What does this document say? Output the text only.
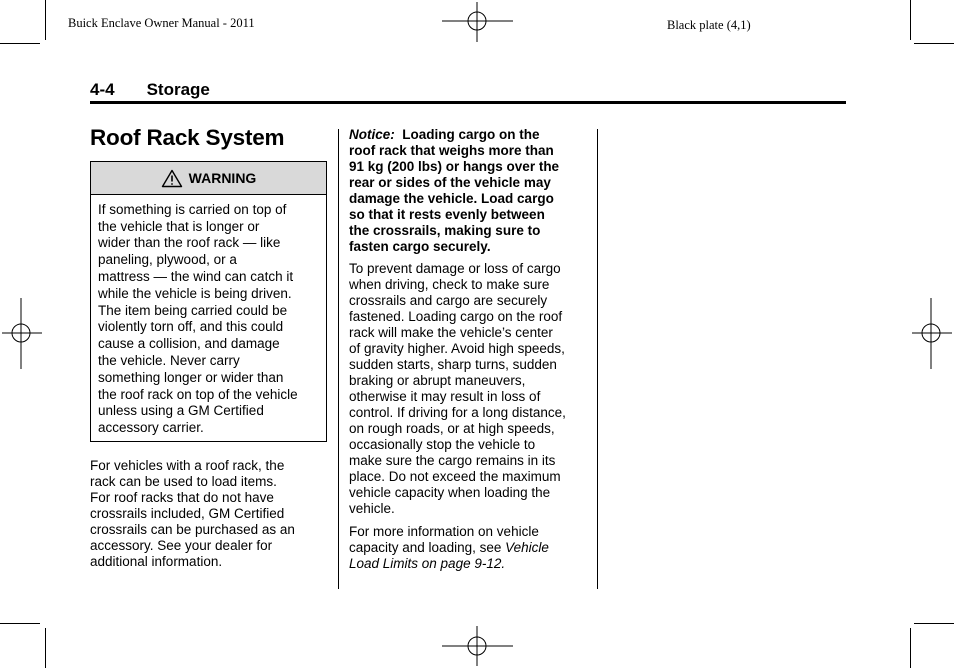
Buick Enclave Owner Manual - 2011	Black plate (4,1)
4-4 Storage
Roof Rack System
WARNING
If something is carried on top of
the vehicle that is longer or
wider than the roof rack — like
paneling, plywood, or a
mattress — the wind can catch it
while the vehicle is being driven.
The item being carried could be
violently torn off, and this could
cause a collision, and damage
the vehicle. Never carry
something longer or wider than
the roof rack on top of the vehicle
unless using a GM Certified
accessory carrier.
For vehicles with a roof rack, the
rack can be used to load items.
For roof racks that do not have
crossrails included, GM Certified
crossrails can be purchased as an
accessory. See your dealer for
additional information.
Notice: Loading cargo on the
roof rack that weighs more than
91 kg (200 lbs) or hangs over the
rear or sides of the vehicle may
damage the vehicle. Load cargo
so that it rests evenly between
the crossrails, making sure to
fasten cargo securely.
To prevent damage or loss of cargo
when driving, check to make sure
crossrails and cargo are securely
fastened. Loading cargo on the roof
rack will make the vehicle’s center
of gravity higher. Avoid high speeds,
sudden starts, sharp turns, sudden
braking or abrupt maneuvers,
otherwise it may result in loss of
control. If driving for a long distance,
on rough roads, or at high speeds,
occasionally stop the vehicle to
make sure the cargo remains in its
place. Do not exceed the maximum
vehicle capacity when loading the
vehicle.
For more information on vehicle
capacity and loading, see Vehicle
Load Limits on page 9-12.
